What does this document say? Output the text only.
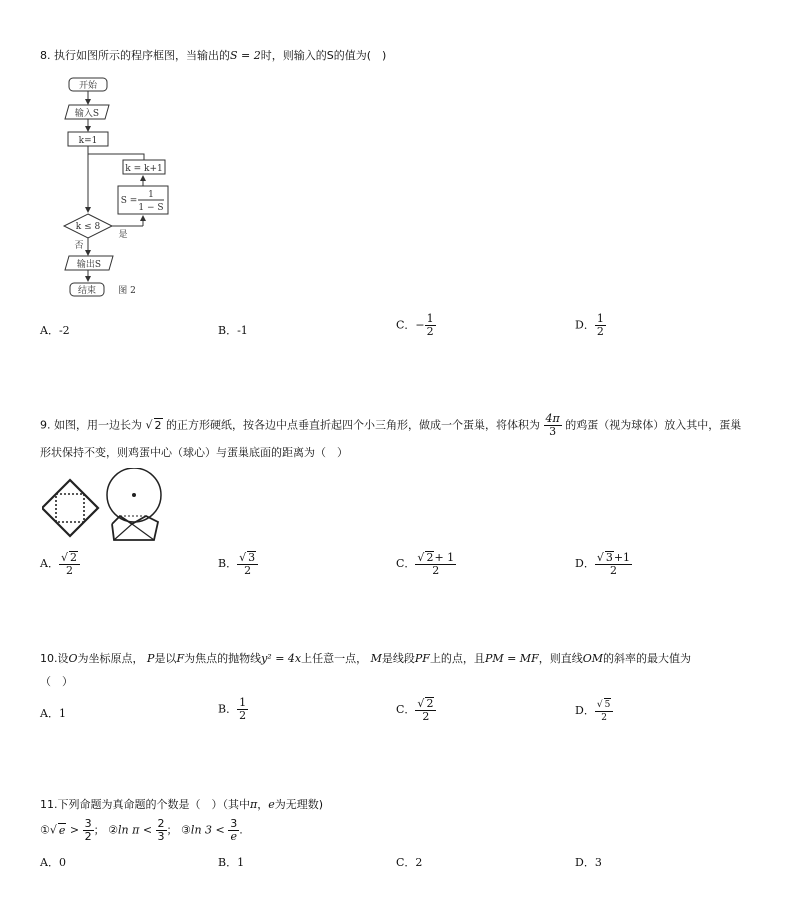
8. 执行如图所示的程序框图，当输出的S = 2时，则输入的S的值为(　)
开始
输入S
k=1
k = k+1
S =
1
1 − S
k ≤ 8
否
是
输出S
结束 图 2
A．-2	B．-1	C．− $\frac{1}{2}$	D． $\frac{1}{2}$
9. 如图，用一边长为 √ 2 的正方形硬纸，按各边中点垂直折起四个小三角形，做成一个蛋巢，将体积为 $\frac{4\pi}{3}$ 的鸡蛋（视为球体）放入其中，蛋巢
形状保持不变，则鸡蛋中心（球心）与蛋巢底面的距离为（　）
A． $\frac{√ 2}{2}$	B． $\frac{√ 3}{2}$	C． $\frac{√ 2+ 1}{2}$	D． $\frac{√ 3+1}{2}$
10.设O为坐标原点， P是以F为焦点的抛物线y² = 4x上任意一点， M是线段PF上的点，且PM = MF，则直线OM的斜率的最大值为
（　）
A．1	B． $\frac{1}{2}$	C． $\frac{√ 2}{2}$	D． $\frac{√ 5}{2}$
11.下列命题为真命题的个数是（　）（其中π，e为无理数)
①√ $e > \frac{3}{2}$ ； ②ln $\pi < \frac{2}{3}$ ； ③ln $3 < \frac{3}{e}$ .
A．0	B．1	C．2	D．3
